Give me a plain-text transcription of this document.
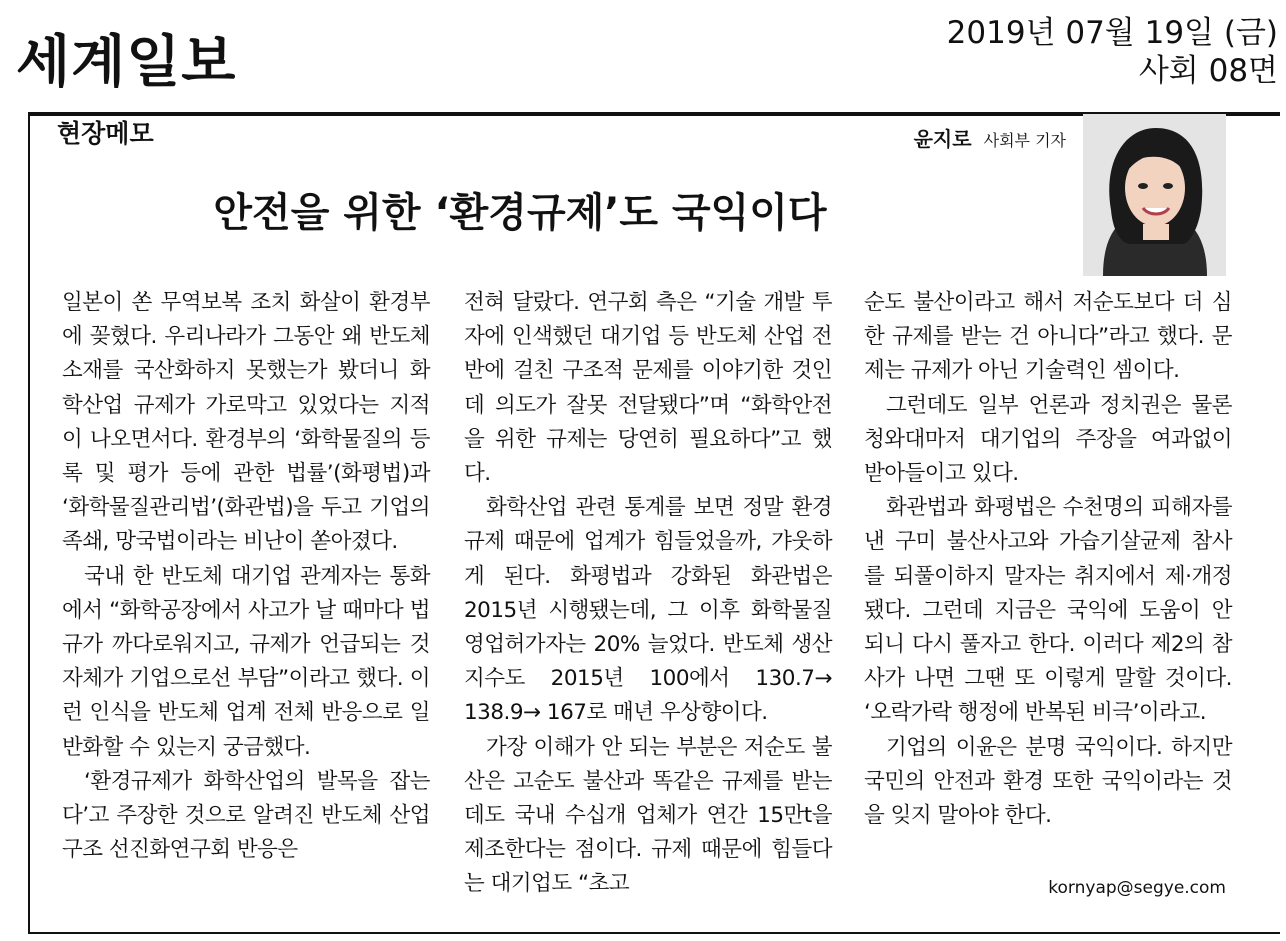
세계일보	2019년 07월 19일 (금)
사회 08면
현장메모	윤지로 사회부 기자
안전을 위한 ‘환경규제’도 국익이다

일본이 쏜 무역보복 조치 화살이 환경부에 꽂혔다. 우리나라가 그동안 왜 반도체 소재를 국산화하지 못했는가 봤더니 화학산업 규제가 가로막고 있었다는 지적이 나오면서다. 환경부의 ‘화학물질의 등록 및 평가 등에 관한 법률’(화평법)과 ‘화학물질관리법’(화관법)을 두고 기업의 족쇄, 망국법이라는 비난이 쏟아졌다.

국내 한 반도체 대기업 관계자는 통화에서 “화학공장에서 사고가 날 때마다 법규가 까다로워지고, 규제가 언급되는 것 자체가 기업으로선 부담”이라고 했다. 이런 인식을 반도체 업계 전체 반응으로 일반화할 수 있는지 궁금했다.

‘환경규제가 화학산업의 발목을 잡는다’고 주장한 것으로 알려진 반도체 산업구조 선진화연구회 반응은

전혀 달랐다. 연구회 측은 “기술 개발 투자에 인색했던 대기업 등 반도체 산업 전반에 걸친 구조적 문제를 이야기한 것인데 의도가 잘못 전달됐다”며 “화학안전을 위한 규제는 당연히 필요하다”고 했다.

화학산업 관련 통계를 보면 정말 환경규제 때문에 업계가 힘들었을까, 갸웃하게 된다. 화평법과 강화된 화관법은 2015년 시행됐는데, 그 이후 화학물질 영업허가자는 20% 늘었다. 반도체 생산지수도 2015년 100에서 130.7→ 138.9→ 167로 매년 우상향이다.

가장 이해가 안 되는 부분은 저순도 불산은 고순도 불산과 똑같은 규제를 받는데도 국내 수십개 업체가 연간 15만t을 제조한다는 점이다. 규제 때문에 힘들다는 대기업도 “초고

순도 불산이라고 해서 저순도보다 더 심한 규제를 받는 건 아니다”라고 했다. 문제는 규제가 아닌 기술력인 셈이다.

그런데도 일부 언론과 정치권은 물론 청와대마저 대기업의 주장을 여과없이 받아들이고 있다.

화관법과 화평법은 수천명의 피해자를 낸 구미 불산사고와 가습기살균제 참사를 되풀이하지 말자는 취지에서 제·개정됐다. 그런데 지금은 국익에 도움이 안 되니 다시 풀자고 한다. 이러다 제2의 참사가 나면 그땐 또 이렇게 말할 것이다. ‘오락가락 행정에 반복된 비극’이라고.

기업의 이윤은 분명 국익이다. 하지만 국민의 안전과 환경 또한 국익이라는 것을 잊지 말아야 한다.

kornyap@segye.com
